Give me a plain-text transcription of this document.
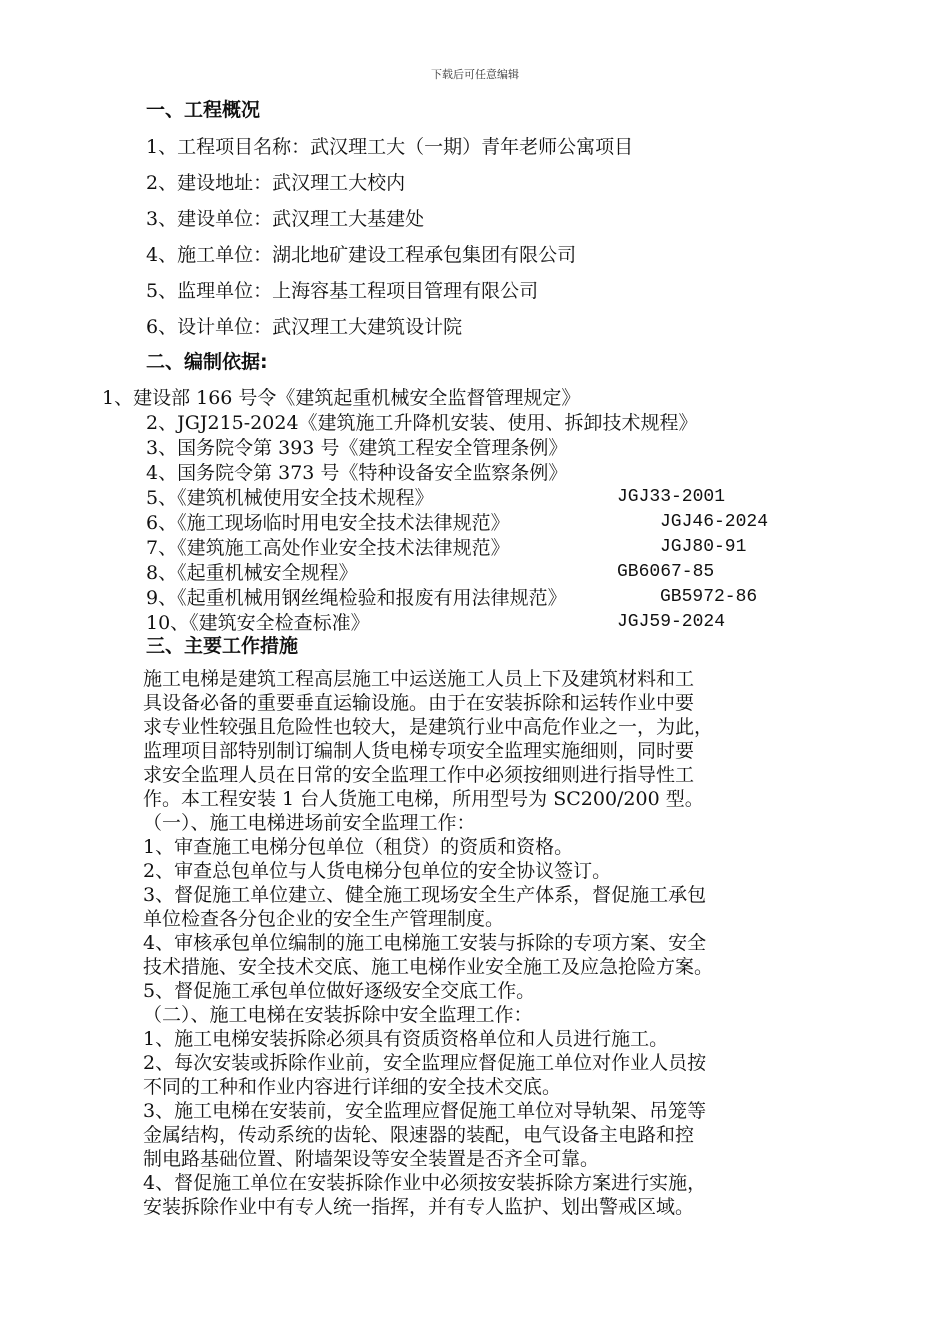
下载后可任意编辑
一、工程概况
1、工程项目名称：武汉理工大（一期）青年老师公寓项目
2、建设地址：武汉理工大校内
3、建设单位：武汉理工大基建处
4、施工单位：湖北地矿建设工程承包集团有限公司
5、监理单位：上海容基工程项目管理有限公司
6、设计单位：武汉理工大建筑设计院
二、编制依据:
1、建设部 166 号令《建筑起重机械安全监督管理规定》
2、JGJ215-2024《建筑施工升降机安装、使用、拆卸技术规程》
3、国务院令第 393 号《建筑工程安全管理条例》
4、国务院令第 373 号《特种设备安全监察条例》
5、《建筑机械使用安全技术规程》	JGJ33-2001
6、《施工现场临时用电安全技术法律规范》	JGJ46-2024
7、《建筑施工高处作业安全技术法律规范》	JGJ80-91
8、《起重机械安全规程》	GB6067-85
9、《起重机械用钢丝绳检验和报废有用法律规范》	GB5972-86
10、《建筑安全检查标准》	JGJ59-2024
三、主要工作措施
施工电梯是建筑工程高层施工中运送施工人员上下及建筑材料和工
具设备必备的重要垂直运输设施。由于在安装拆除和运转作业中要
求专业性较强且危险性也较大，是建筑行业中高危作业之一，为此，
监理项目部特别制订编制人货电梯专项安全监理实施细则，同时要
求安全监理人员在日常的安全监理工作中必须按细则进行指导性工
作。本工程安装 1 台人货施工电梯，所用型号为 SC200/200 型。
（一）、施工电梯进场前安全监理工作：
1、审查施工电梯分包单位（租贷）的资质和资格。
2、审查总包单位与人货电梯分包单位的安全协议签订。
3、督促施工单位建立、健全施工现场安全生产体系，督促施工承包
单位检查各分包企业的安全生产管理制度。
4、审核承包单位编制的施工电梯施工安装与拆除的专项方案、安全
技术措施、安全技术交底、施工电梯作业安全施工及应急抢险方案。
5、督促施工承包单位做好逐级安全交底工作。
（二）、施工电梯在安装拆除中安全监理工作：
1、施工电梯安装拆除必须具有资质资格单位和人员进行施工。
2、每次安装或拆除作业前，安全监理应督促施工单位对作业人员按
不同的工种和作业内容进行详细的安全技术交底。
3、施工电梯在安装前，安全监理应督促施工单位对导轨架、吊笼等
金属结构，传动系统的齿轮、限速器的装配，电气设备主电路和控
制电路基础位置、附墙架设等安全装置是否齐全可靠。
4、督促施工单位在安装拆除作业中必须按安装拆除方案进行实施，
安装拆除作业中有专人统一指挥，并有专人监护、划出警戒区域。
